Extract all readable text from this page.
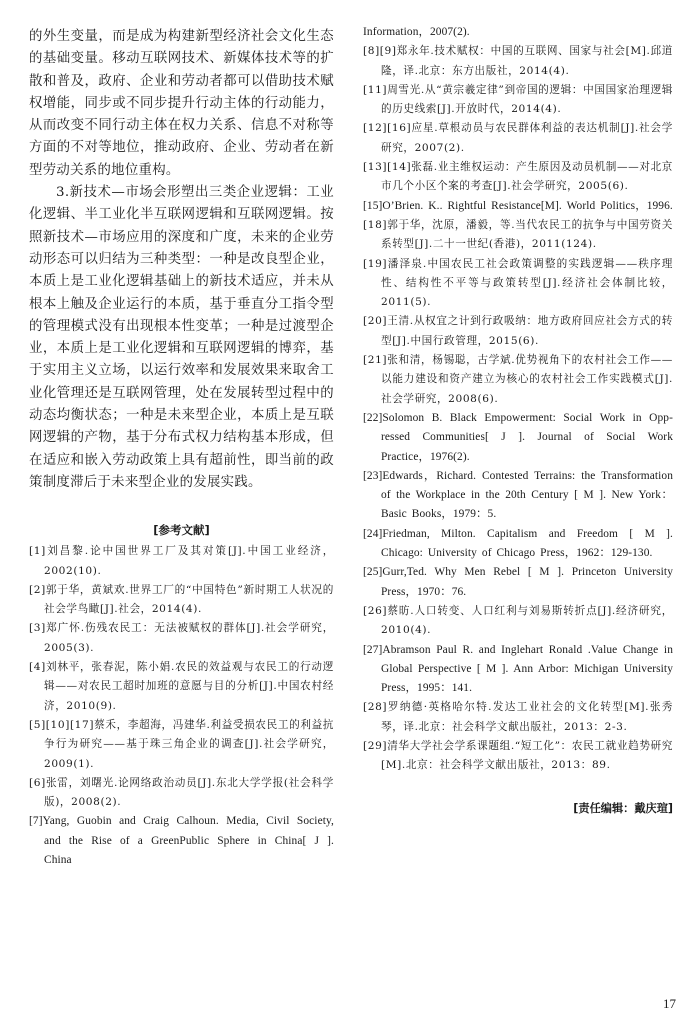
的外生变量，而是成为构建新型经济社会文化生态的基础变量。移动互联网技术、新媒体技术等的扩散和普及，政府、企业和劳动者都可以借助技术赋权增能，同步或不同步提升行动主体的行动能力，从而改变不同行动主体在权力关系、信息不对称等方面的不对等地位，推动政府、企业、劳动者在新型劳动关系的地位重构。

3.新技术—市场会形塑出三类企业逻辑：工业化逻辑、半工业化半互联网逻辑和互联网逻辑。按照新技术—市场应用的深度和广度，未来的企业劳动形态可以归结为三种类型：一种是改良型企业，本质上是工业化逻辑基础上的新技术适应，并未从根本上触及企业运行的本质，基于垂直分工指令型的管理模式没有出现根本性变革；一种是过渡型企业，本质上是工业化逻辑和互联网逻辑的博弈，基于实用主义立场，以运行效率和发展效果来取舍工业化管理还是互联网管理，处在发展转型过程中的动态均衡状态；一种是未来型企业，本质上是互联网逻辑的产物，基于分布式权力结构基本形成，但在适应和嵌入劳动政策上具有超前性，即当前的政策制度滞后于未来型企业的发展实践。

[参考文献]
[1]刘昌黎.论中国世界工厂及其对策[J].中国工业经济，2002(10).
[2]郭于华，黄斌欢.世界工厂的“中国特色”新时期工人状况的社会学鸟瞰[J].社会，2014(4).
[3]郑广怀.伤残农民工：无法被赋权的群体[J].社会学研究，2005(3).
[4]刘林平，张春泥，陈小娟.农民的效益观与农民工的行动逻辑——对农民工超时加班的意愿与目的分析[J].中国农村经济，2010(9).
[5][10][17]蔡禾，李超海，冯建华.利益受损农民工的利益抗争行为研究——基于珠三角企业的调查[J].社会学研究，2009(1).
[6]张雷，刘曙光.论网络政治动员[J].东北大学学报(社会科学版)，2008(2).
[7]Yang, Guobin and Craig Calhoun. Media, Civil Society, and the Rise of a GreenPublic Sphere in China[ J ]. China
Information，2007(2).
[8][9]郑永年.技术赋权：中国的互联网、国家与社会[M].邱道隆，译.北京：东方出版社，2014(4).
[11]周雪光.从“黄宗羲定律”到帝国的逻辑：中国国家治理逻辑的历史线索[J].开放时代，2014(4).
[12][16]应星.草根动员与农民群体利益的表达机制[J].社会学研究，2007(2).
[13][14]张磊.业主维权运动：产生原因及动员机制——对北京市几个小区个案的考查[J].社会学研究，2005(6).
[15]O’Brien. K.. Rightful Resistance[M]. World Politics，1996.
[18]郭于华，沈原，潘毅，等.当代农民工的抗争与中国劳资关系转型[J].二十一世纪(香港)，2011(124).
[19]潘泽泉.中国农民工社会政策调整的实践逻辑——秩序理性、结构性不平等与政策转型[J].经济社会体制比较，2011(5).
[20]王清.从权宜之计到行政吸纳：地方政府回应社会方式的转型[J].中国行政管理，2015(6).
[21]张和清，杨锡聪，古学斌.优势视角下的农村社会工作——以能力建设和资产建立为核心的农村社会工作实践模式[J].社会学研究，2008(6).
[22]Solomon B. Black Empowerment: Social Work in Opp-ressed Communities[ J ]. Journal of Social Work Practice，1976(2).
[23]Edwards，Richard. Contested Terrains: the Transformation of the Workplace in the 20th Century [ M ]. New York：Basic Books，1979：5.
[24]Friedman, Milton. Capitalism and Freedom [ M ]. Chicago: University of Chicago Press，1962：129-130.
[25]Gurr,Ted. Why Men Rebel [ M ]. Princeton University Press，1970：76.
[26]蔡昉.人口转变、人口红利与刘易斯转折点[J].经济研究，2010(4).
[27]Abramson Paul R. and Inglehart Ronald .Value Change in Global Perspective [ M ]. Ann Arbor: Michigan University Press，1995：141.
[28]罗纳德·英格哈尔特.发达工业社会的文化转型[M].张秀琴，译.北京：社会科学文献出版社，2013：2-3.
[29]清华大学社会学系课题组.“短工化”：农民工就业趋势研究[M].北京：社会科学文献出版社，2013：89.
[责任编辑：戴庆瑄]
17
